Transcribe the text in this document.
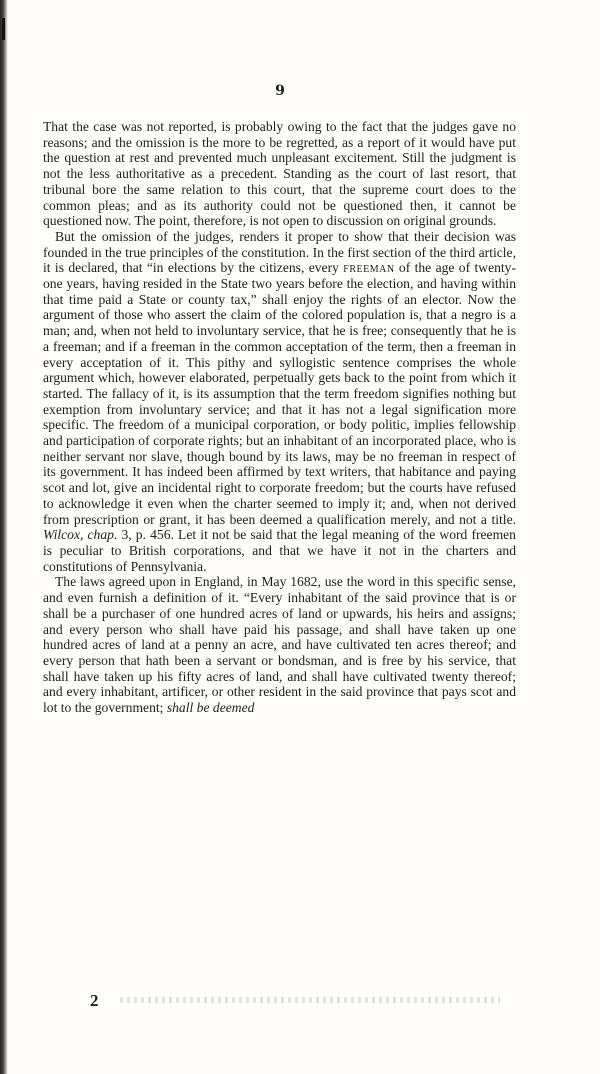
9

That the case was not reported, is probably owing to the fact that the judges gave no reasons; and the omission is the more to be regretted, as a report of it would have put the question at rest and prevented much unpleasant excitement. Still the judgment is not the less authoritative as a precedent. Standing as the court of last resort, that tribunal bore the same relation to this court, that the supreme court does to the common pleas; and as its authority could not be questioned then, it cannot be questioned now. The point, therefore, is not open to discussion on original grounds.

But the omission of the judges, renders it proper to show that their decision was founded in the true principles of the constitution. In the first section of the third article, it is declared, that “in elections by the citizens, every freeman of the age of twenty-one years, having resided in the State two years before the election, and having within that time paid a State or county tax,” shall enjoy the rights of an elector. Now the argument of those who assert the claim of the colored population is, that a negro is a man; and, when not held to involuntary service, that he is free; consequently that he is a freeman; and if a freeman in the common acceptation of the term, then a freeman in every acceptation of it. This pithy and syllogistic sentence comprises the whole argument which, however elaborated, perpetually gets back to the point from which it started. The fallacy of it, is its assumption that the term freedom signifies nothing but exemption from involuntary service; and that it has not a legal signification more specific. The freedom of a municipal corporation, or body politic, implies fellowship and participation of corporate rights; but an inhabitant of an incorporated place, who is neither servant nor slave, though bound by its laws, may be no freeman in respect of its government. It has indeed been affirmed by text writers, that habitance and paying scot and lot, give an incidental right to corporate freedom; but the courts have refused to acknowledge it even when the charter seemed to imply it; and, when not derived from prescription or grant, it has been deemed a qualification merely, and not a title. Wilcox, chap. 3, p. 456. Let it not be said that the legal meaning of the word freemen is peculiar to British corporations, and that we have it not in the charters and constitutions of Pennsylvania.

The laws agreed upon in England, in May 1682, use the word in this specific sense, and even furnish a definition of it. “Every inhabitant of the said province that is or shall be a purchaser of one hundred acres of land or upwards, his heirs and assigns; and every person who shall have paid his passage, and shall have taken up one hundred acres of land at a penny an acre, and have cultivated ten acres thereof; and every person that hath been a servant or bondsman, and is free by his service, that shall have taken up his fifty acres of land, and shall have cultivated twenty thereof; and every inhabitant, artificer, or other resident in the said province that pays scot and lot to the government; shall be deemed

2
